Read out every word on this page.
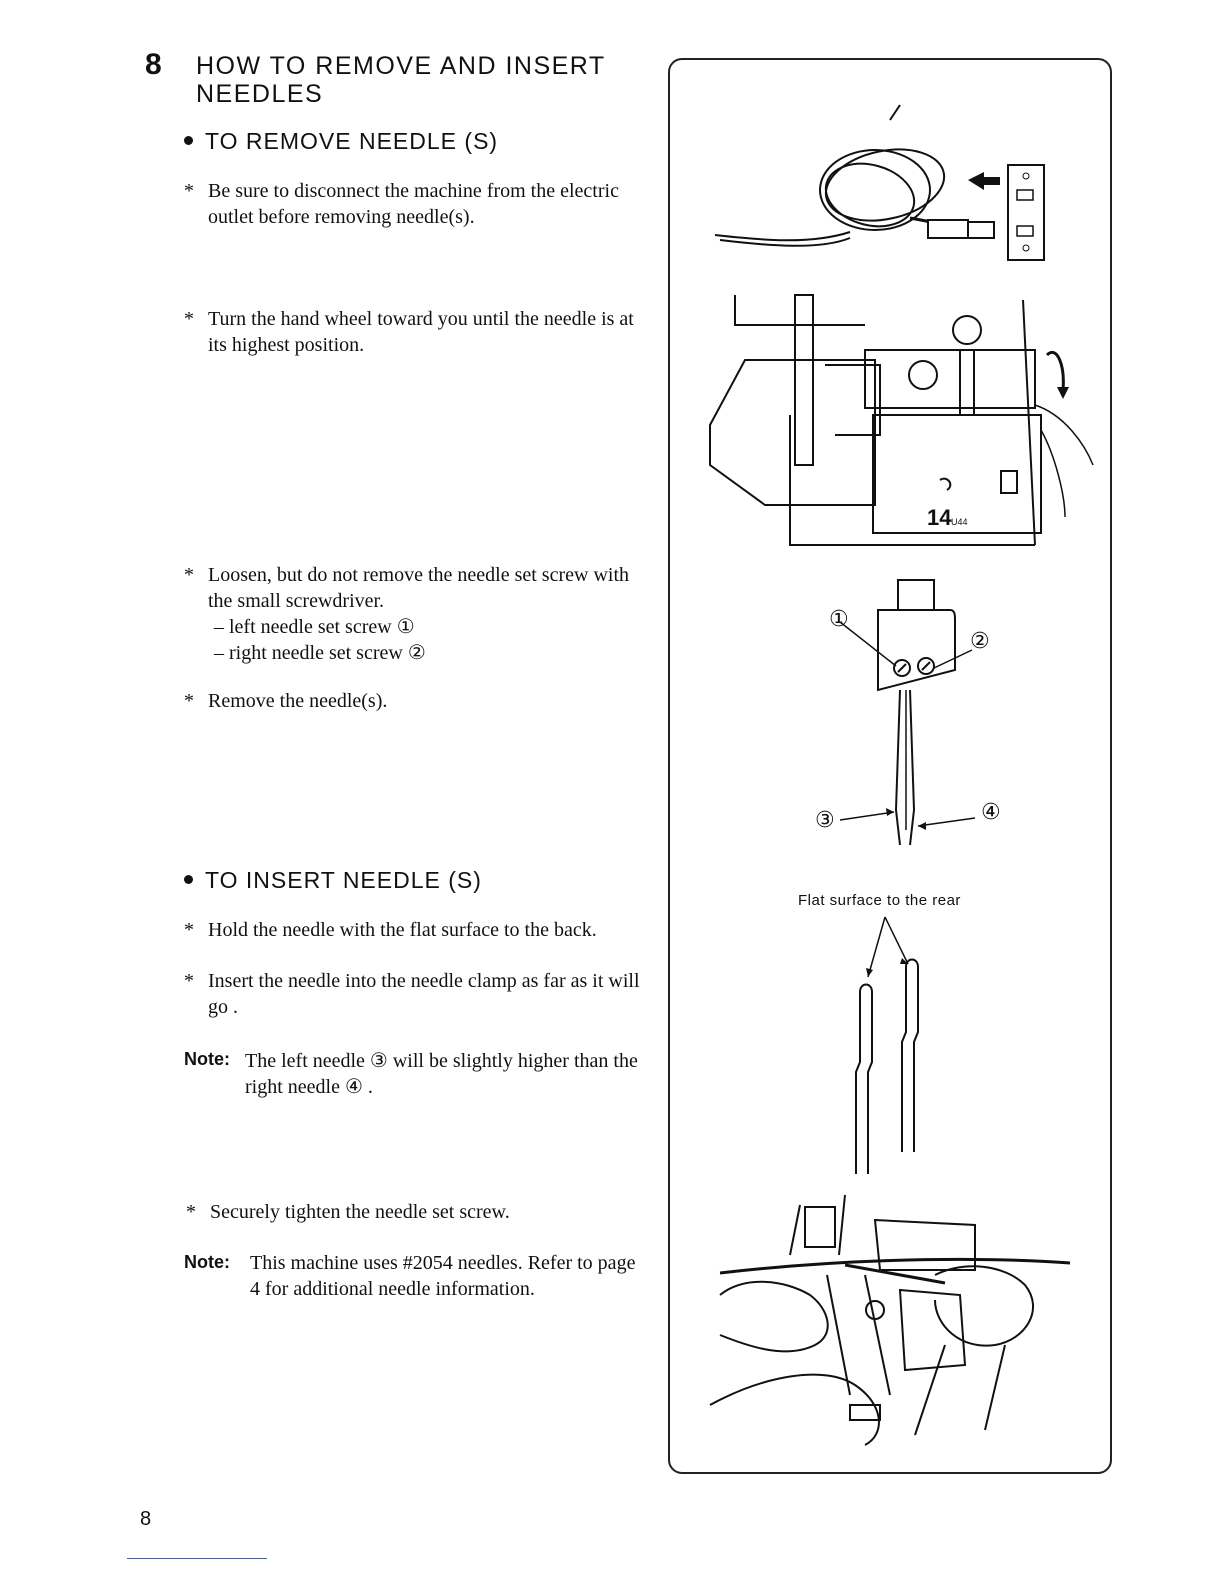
8 HOW TO REMOVE AND INSERT NEEDLES
TO REMOVE NEEDLE (S)
* Be sure to disconnect the machine from the electric outlet before removing needle(s).
* Turn the hand wheel toward you until the needle is at its highest position.
* Loosen, but do not remove the needle set screw with the small screwdriver.
– left needle set screw ①
– right needle set screw ②
* Remove the needle(s).
TO INSERT NEEDLE (S)
* Hold the needle with the flat surface to the back.
* Insert the needle into the needle clamp as far as it will go .
Note: The left needle ③ will be slightly higher than the right needle ④ .
* Securely tighten the needle set screw.
Note: This machine uses #2054 needles. Refer to page 4 for additional needle information.
14 U44
①
②
③	④
Flat surface to the rear
8
